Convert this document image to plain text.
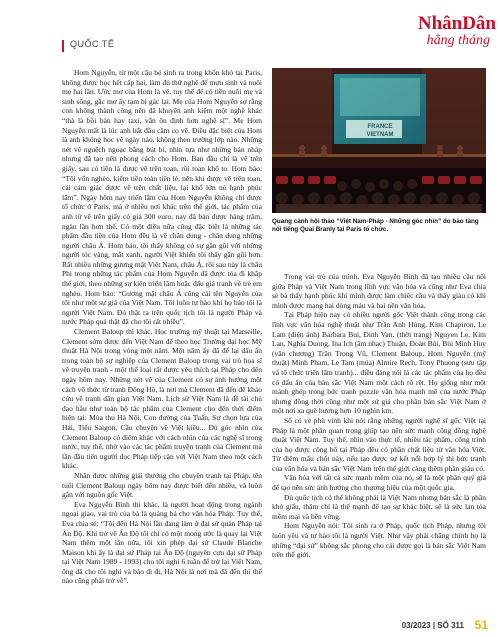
QUỐC TẾ
NhânDân
hằng tháng

Hom Nguyễn, từ một cậu bé sinh ra trong khốn khó tại Paris, không được học hết cấp hai, làm đủ thứ nghề để mưu sinh và nuôi mẹ hai lần. Ước mơ của Hom là vẽ, tuy thế để có tiền nuôi mẹ và sinh sống, gắc mơ ấy tạm bị gác lại. Mẹ của Hom Nguyễn sợ rằng con không thành công nên đã khuyên anh kiếm một nghề khác “thà là bồi bàn hay taxi, vẫn ổn định hơn nghệ sĩ”. Mẹ Hom Nguyễn mất là lúc anh bắt đầu cầm cọ vẽ. Điều đặc biệt của Hom là anh không học vẽ ngày nào, không theo trường lớp nào. Những nét vẽ nguệch ngoạc bằng bút bi, nhìn tựa như những bản nháp nhưng đã tạo nên phong cách cho Hom. Ban đầu chỉ là vẽ trên giấy, sau có tiền là được vẽ trên toan, rồi toan khổ to. Hom bảo: “Tôi vốn nghèo, kiếm tiền toàn tiền lẻ, nên khi được vẽ trên toan, cái cảm giác được vẽ trên chất liệu, lại khổ lớn nó hạnh phúc lắm”. Ngày hôm nay triển lãm của Hom Nguyễn không chỉ được tổ chức ở Paris, mà ở nhiều nơi khác trên thế giới, tác phẩm của anh từ vẽ trên giấy có giá 300 euro, nay đã bán được hàng trăm, ngàn lần hơn thế. Có một điều nữa cũng đặc biệt là những tác phẩm đầu tiên của Hom đều là vẽ chân dung - chân dung những người châu Á. Hom bảo, tôi thấy không có sự gần gũi với những người tóc vàng, mắt xanh, người Việt khiến tôi thấy gần gũi hơn. Rất nhiều những gương mặt Việt Nam, châu Á, rồi sau này là châu Phi trong những tác phẩm của Hom Nguyễn đã được tỏa đi khắp thế giới, theo những sự kiện triển lãm hoặc đấu giá tranh về trẻ em nghèo. Hom bảo: “Gương mặt châu Á cũng cái tên Nguyễn của tôi như một sự giá của Việt Nam. Tôi luôn tự hào khi họ bảo tôi là người Việt Nam. Đó thật ra trên quốc tịch tôi là người Pháp và nước Pháp quả thật đã cho tôi rất nhiều”.

Clement Baloup thì khác. Học trường mỹ thuật tại Marseille, Clement sớm được đến Việt Nam để theo học Trường đại học Mỹ thuật Hà Nội trong vòng một năm. Một năm ấy đã để lại dấu ấn trong toàn bộ sự nghiệp của Clement Baloup trong vai trò họa sĩ vẽ truyện tranh - một thể loại rất được yêu thích tại Pháp cho đến ngày hôm nay. Những nét vẽ của Clement có sự ảnh hưởng một cách vô thức từ tranh Đông Hồ, là nơi mà Clement đã đến để khảo cứu về tranh dân gian Việt Nam. Lịch sử Việt Nam là đề tài chủ đạo hầu như toàn bộ tác phẩm của Clement cho đến thời điểm hiện tại: Mùa thu Hà Nội, Con đường của Tuấn, Sự chọn lựa của Hải, Tiểu Saigon, Cầu chuyện về Việt kiều... Đủ góc nhìn của Clement Baloup có điểm khác với cách nhìn của các nghệ sĩ trong nước, tuy thế, nhờ vào các tác phẩm truyện tranh của Clement mà lần đầu tiên người đọc Pháp tiếp cận với Việt Nam theo một cách khác.

Nhân được những giải thưởng cho chuyện tranh tại Pháp, tên tuổi Clement Baloup ngày hôm nay được biết đến nhiều, và luôn gắn với nguồn gốc Việt.

Eva Nguyễn Bình thì khác, là người hoạt động trong ngành ngoại giao, vai trò của bà là quảng bá cho văn hóa Pháp. Tuy thế, Eva chia sẻ: “Tôi đến Hà Nội lần đang làm ở đại sứ quán Pháp tại Ấn Độ. Khi trở về Ấn Độ tôi chỉ có một mong ước là quay lại Việt Nam thêm một lần nữa, tôi xin phép đại sứ Claude Blanche Maison khi ấy là đại sứ Pháp tại Ấn Độ (nguyên cựu đại sứ Pháp tại Việt Nam 1989 - 1993) cho tôi nghỉ 6 tuần để trở lại Việt Nam, ông đã cho tôi nghỉ và bảo đi đi, Hà Nội là nơi mà đã đến thì thế nào cũng phải trở về”.

FRANCE
VIETNAM
Quang cảnh hội thảo “Việt Nam-Pháp - Những góc nhìn” do bảo tàng nổi tiếng Quai Branly tại Paris tổ chức.

Trong vai trò của mình, Eva Nguyễn Bình đã tạo nhiều cầu nối giữa Pháp và Việt Nam trong lĩnh vực văn hóa và cũng như Eva chia sẻ bà thấy hạnh phúc khi mình được làm chiếc cầu và thấy giàu có khi mình được mang hai dòng máu và hai nền văn hóa.

Tại Pháp hiện nay có nhiều người gốc Việt thành công trong các lĩnh vực văn hóa nghệ thuật như Trần Anh Hùng, Kim Chapiron, Le Lam (điện ảnh) Barbara Bui, Đinh Van, (thời trang) Nguyen Le, Kim Lan, Nghia Duong, Ina Ich (âm nhạc) Thuận, Đoàn Bùi, Bùi Minh Huy (văn chương) Trần Trọng Vũ, Clement Baloup, Hom Nguyễn (mỹ thuật) Minh Pham, Le Tam (múa) Almire Rech, Tony Phuong (sưu tập và tổ chức triển lãm tranh)... điều đáng nói là các tác phẩm của họ đều có dấu ấn của bản sắc Việt Nam một cách rõ rệt. Họ giống như một mảnh ghép trong bức tranh puzzle văn hóa mạnh mẽ của nước Pháp nhưng đồng thời cũng như một sứ giả cho phần bản sắc Việt Nam ở một nơi xa quê hương hơn 10 nghìn km.

Số có vẻ phù vinh khi nói rằng những người nghệ sĩ gốc Việt tại Pháp là một phần quan trọng giúp tạo nên sức mạnh cộng đồng nghệ thuật Việt Nam. Tuy thế, nhìn vào thực tế, nhiều tác phẩm, công trình của họ được công bố tại Pháp đều có phần chất liệu từ văn hóa Việt. Từ điểm mấu chốt này, nếu tạo được sự kết nối hợp lý thì bức tranh của văn hóa và bản sắc Việt Nam trên thế giới càng thêm phần giàu có.

Văn hóa với tất cả sức mạnh mềm của nó, sẽ là một phần quý giá để tạo nên sức ảnh hưởng cho thương hiệu của một quốc gia.

Đủ quốc tịch có thể không phải là Việt Nam nhưng bản sắc là phần khó giấu, thậm chí là thế mạnh để tạo sự khác biệt, sẽ là sức lan tỏa mềm mại và bền vững.

Hom Nguyễn nói: Tôi sinh ra ở Pháp, quốc tịch Pháp, nhưng tôi luôn yêu và tự hào tôi là người Việt. Như vậy phải chăng chính họ là những “đại sứ” không sắc phong cho cái được gọi là bản sắc Việt Nam trên thế giới.

03/2023 | SỐ 311 51
